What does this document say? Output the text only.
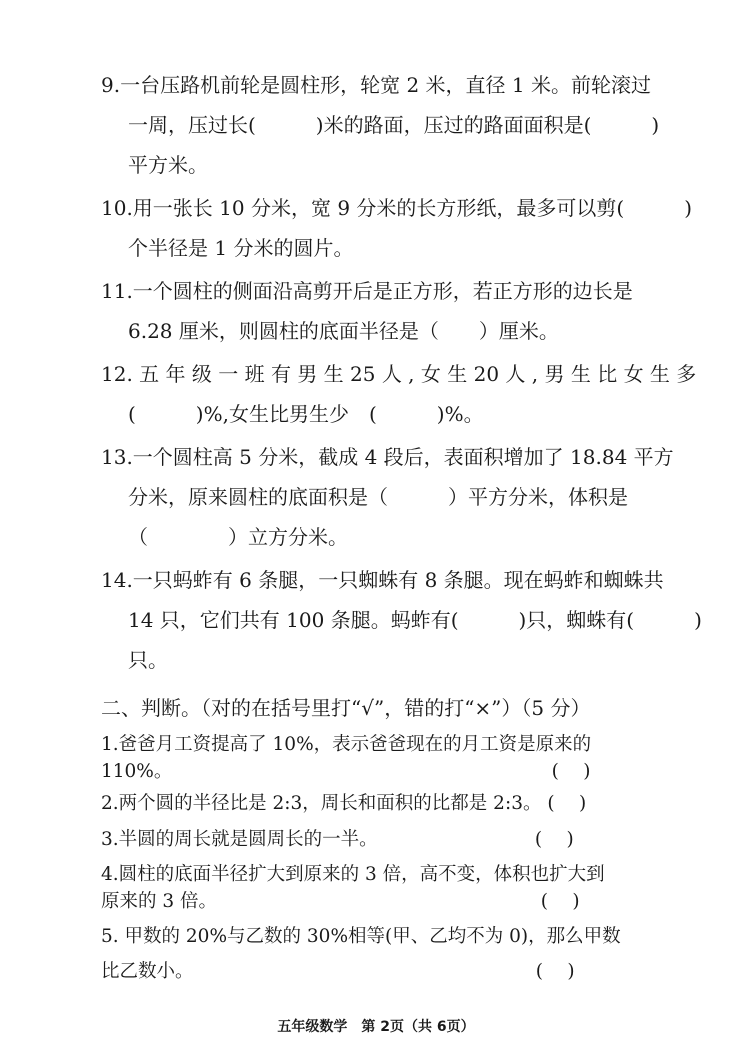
9.一台压路机前轮是圆柱形，轮宽 2 米，直径 1 米。前轮滚过
一周，压过长(　　　)米的路面，压过的路面面积是(　　　)
平方米。
10.用一张长 10 分米，宽 9 分米的长方形纸，最多可以剪(　　　)
个半径是 1 分米的圆片。
11.一个圆柱的侧面沿高剪开后是正方形，若正方形的边长是
6.28 厘米，则圆柱的底面半径是（　　）厘米。
12. 五 年 级 一 班 有 男 生 25 人 , 女 生 20 人 , 男 生 比 女 生 多
(　　　)%,女生比男生少　(　　　)%。
13.一个圆柱高 5 分米，截成 4 段后，表面积增加了 18.84 平方
分米，原来圆柱的底面积是（　　　）平方分米，体积是
（　　　　）立方分米。
14.一只蚂蚱有 6 条腿，一只蜘蛛有 8 条腿。现在蚂蚱和蜘蛛共
14 只，它们共有 100 条腿。蚂蚱有(　　　)只，蜘蛛有(　　　)
只。
二、判断。（对的在括号里打“√”，错的打“×”）（5 分）
1.爸爸月工资提高了 10%，表示爸爸现在的月工资是原来的
110%。　　　　　　　　　　　　　　　　　　　　　(　 )
2.两个圆的半径比是 2:3，周长和面积的比都是 2:3。 (　 )
3.半圆的周长就是圆周长的一半。　　　　　　　　　(　 )
4.圆柱的底面半径扩大到原来的 3 倍，高不变，体积也扩大到
原来的 3 倍。　　　　　　　　　　　　　　　　　　(　 )
5. 甲数的 20%与乙数的 30%相等(甲、乙均不为 0)，那么甲数
比乙数小。　　　　　　　　　　　　　　　　　　　(　 )
五年级数学　第 2页（共 6页）
